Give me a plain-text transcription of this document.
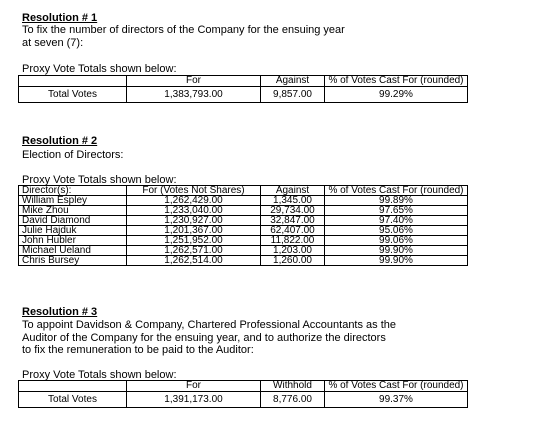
Resolution # 1
To fix the number of directors of the Company for the ensuing year
at seven (7):
Proxy Vote Totals shown below:
	For	Against	% of Votes Cast For (rounded)
Total Votes	1,383,793.00	9,857.00	99.29%
Resolution # 2
Election of Directors:
Proxy Vote Totals shown below:
Director(s):	For (Votes Not Shares)	Against	% of Votes Cast For (rounded)
William Espley	1,262,429.00	1,345.00	99.89%
Mike Zhou	1,233,040.00	29,734.00	97.65%
David Diamond	1,230,927.00	32,847.00	97.40%
Julie Hajduk	1,201,367.00	62,407.00	95.06%
John Hubler	1,251,952.00	11,822.00	99.06%
Michael Ueland	1,262,571.00	1,203.00	99.90%
Chris Bursey	1,262,514.00	1,260.00	99.90%
Resolution # 3
To appoint Davidson & Company, Chartered Professional Accountants as the
Auditor of the Company for the ensuing year, and to authorize the directors
to fix the remuneration to be paid to the Auditor:
Proxy Vote Totals shown below:
	For	Withhold	% of Votes Cast For (rounded)
Total Votes	1,391,173.00	8,776.00	99.37%
